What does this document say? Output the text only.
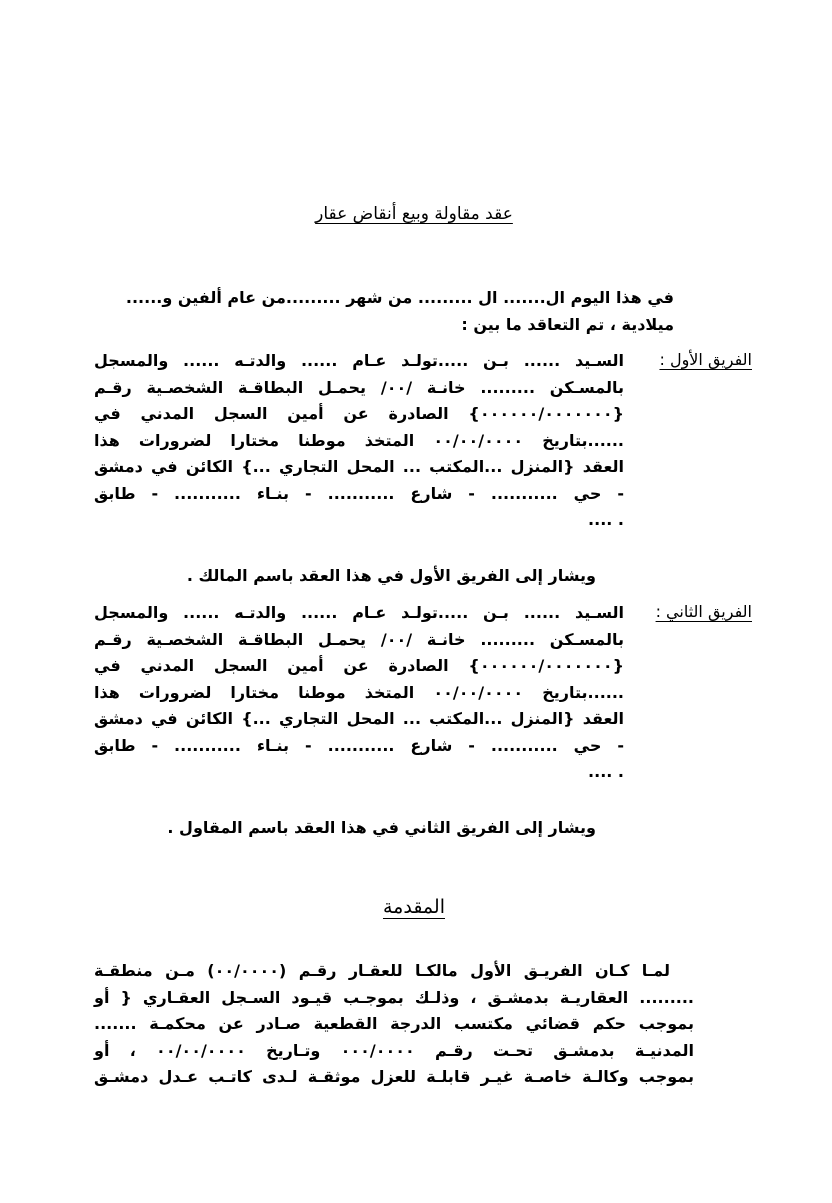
عقد مقاولة وبيع أنقاض عقار
في هذا اليوم ال....... ال ......... من شهر .........من عام ألفين و......
ميلادية ، تم التعاقد ما بين :
الفريق الأول :
السـيد ...... بـن .....تولـد عـام ...... والدتـه ...... والمسجل
بالمسـكن ......... خانـة /٠٠/ يحمـل البطاقـة الشخصـية رقـم
{٠٠٠٠٠٠/٠٠٠٠٠٠٠} الصادرة عن أمين السجل المدني في
......بتاريخ ٠٠/٠٠/٠٠٠٠ المتخذ موطنا مختارا لضرورات هذا
العقد {المنزل ...المكتب ... المحل التجاري ...} الكائن في دمشق
- حي ........... - شارع ........... - بنـاء ........... - طابق
. ....
ويشار إلى الفريق الأول في هذا العقد باسم المالك .
الفريق الثاني :
السـيد ...... بـن .....تولـد عـام ...... والدتـه ...... والمسجل
بالمسـكن ......... خانـة /٠٠/ يحمـل البطاقـة الشخصـية رقـم
{٠٠٠٠٠٠/٠٠٠٠٠٠٠} الصادرة عن أمين السجل المدني في
......بتاريخ ٠٠/٠٠/٠٠٠٠ المتخذ موطنا مختارا لضرورات هذا
العقد {المنزل ...المكتب ... المحل التجاري ...} الكائن في دمشق
- حي ........... - شارع ........... - بنـاء ........... - طابق
. ....
ويشار إلى الفريق الثاني في هذا العقد باسم المقاول .
المقدمة
لمـا كـان الفريـق الأول مالكـا للعقـار رقـم (٠٠/٠٠٠٠) مـن منطقـة
......... العقاريـة بدمشـق ، وذلـك بموجـب قيـود السـجل العقـاري { أو
بموجب حكم قضائي مكتسب الدرجة القطعية صـادر عن محكمـة .......
المدنيـة بدمشـق تحـت رقـم ٠٠٠/٠٠٠٠ وتـاريخ ٠٠/٠٠/٠٠٠٠ ، أو
بموجب وكالـة خاصـة غيـر قابلـة للعزل موثقـة لـدى كاتـب عـدل دمشـق
